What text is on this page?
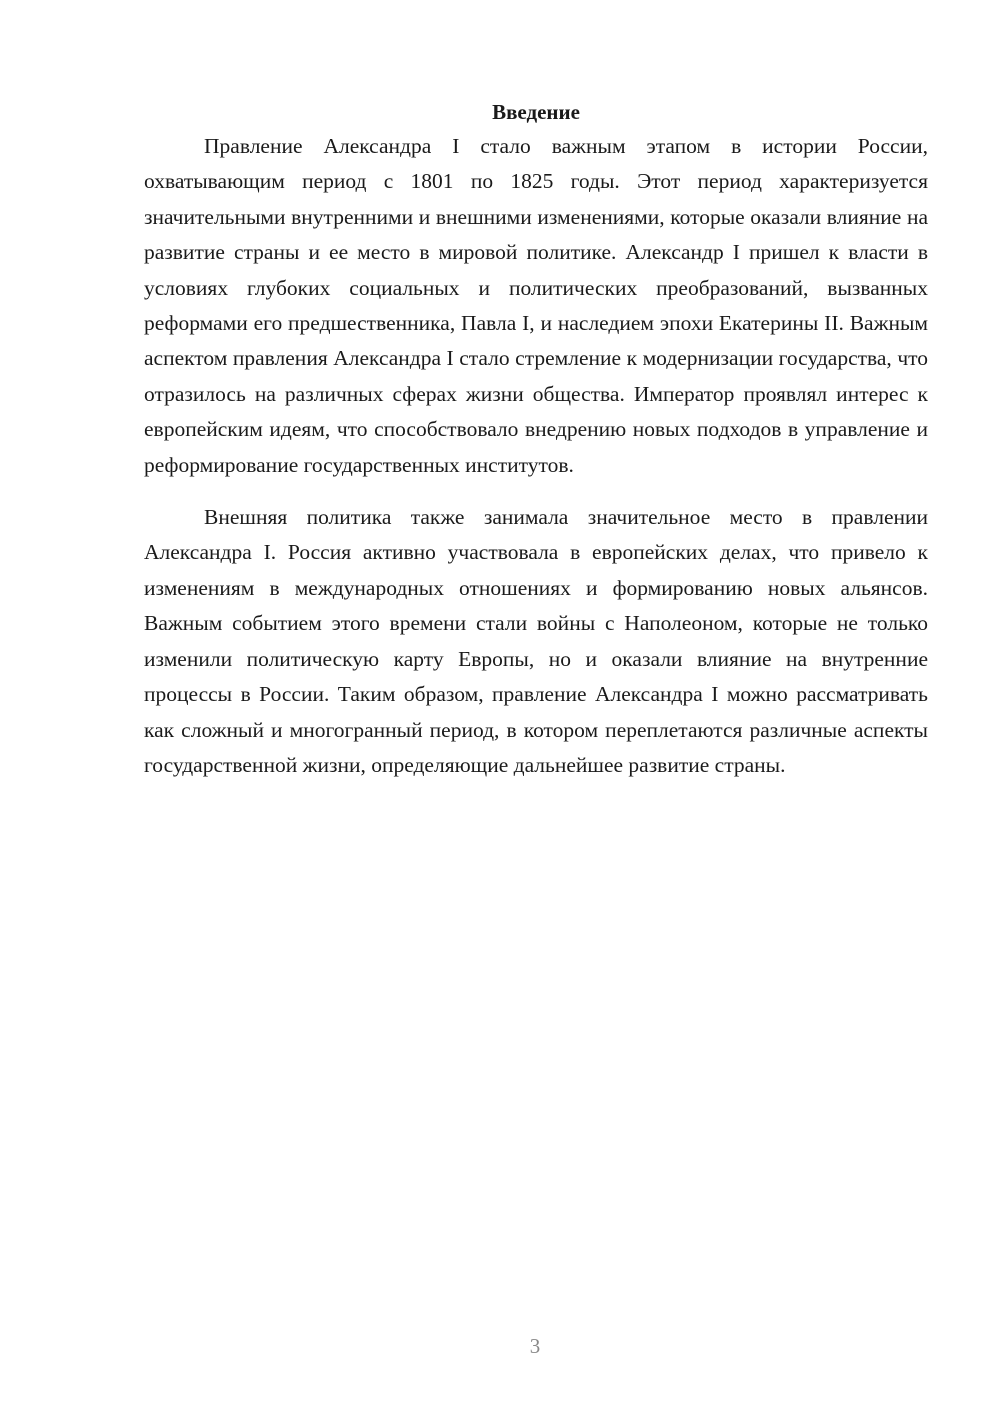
Введение

Правление Александра I стало важным этапом в истории России, охватывающим период с 1801 по 1825 годы. Этот период характеризуется значительными внутренними и внешними изменениями, которые оказали влияние на развитие страны и ее место в мировой политике. Александр I пришел к власти в условиях глубоких социальных и политических преобразований, вызванных реформами его предшественника, Павла I, и наследием эпохи Екатерины II. Важным аспектом правления Александра I стало стремление к модернизации государства, что отразилось на различных сферах жизни общества. Император проявлял интерес к европейским идеям, что способствовало внедрению новых подходов в управление и реформирование государственных институтов.

Внешняя политика также занимала значительное место в правлении Александра I. Россия активно участвовала в европейских делах, что привело к изменениям в международных отношениях и формированию новых альянсов. Важным событием этого времени стали войны с Наполеоном, которые не только изменили политическую карту Европы, но и оказали влияние на внутренние процессы в России. Таким образом, правление Александра I можно рассматривать как сложный и многогранный период, в котором переплетаются различные аспекты государственной жизни, определяющие дальнейшее развитие страны.

3
